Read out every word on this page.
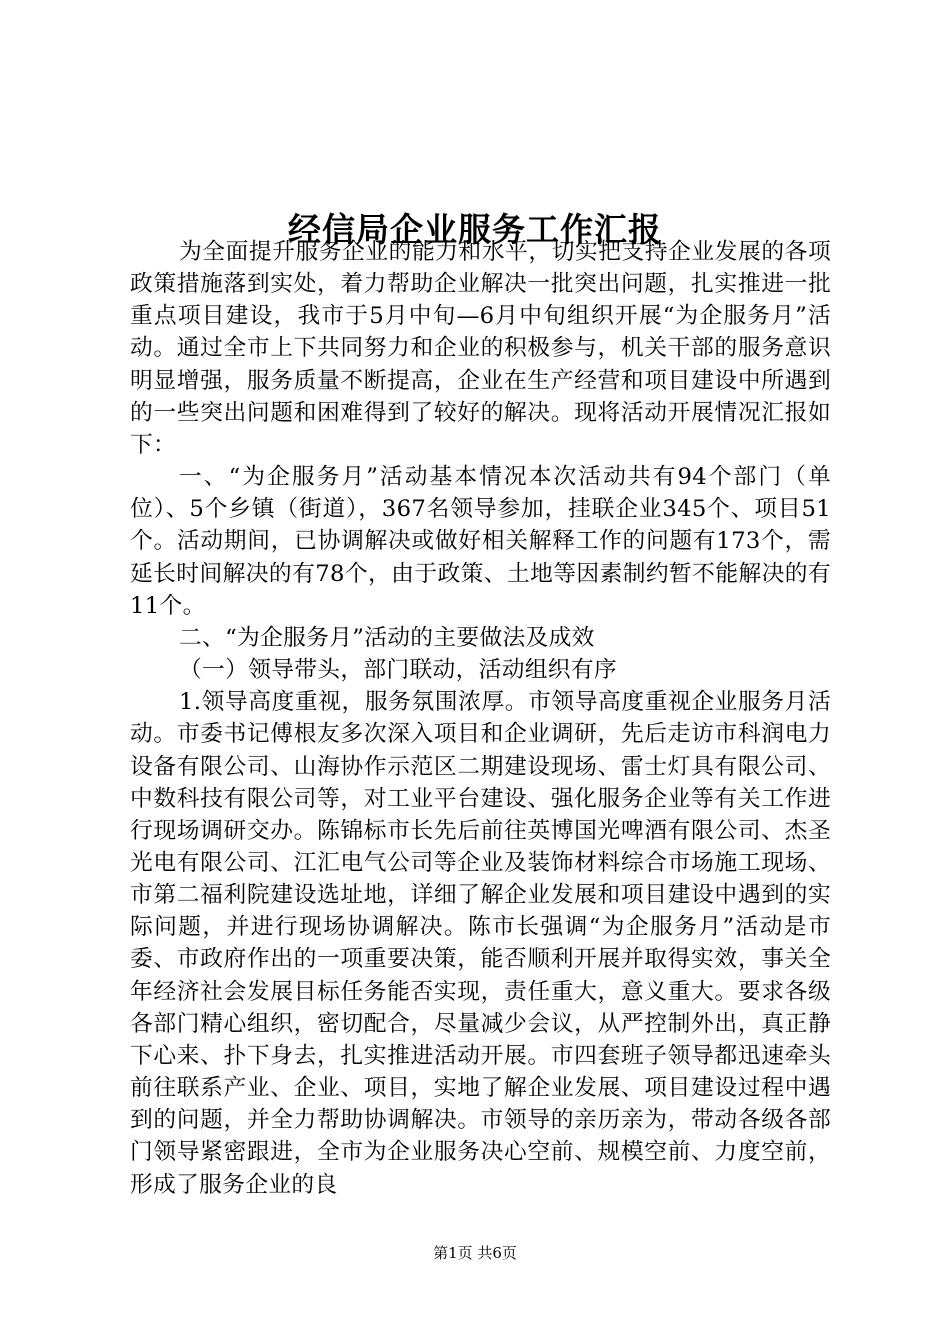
经信局企业服务工作汇报

为全面提升服务企业的能力和水平，切实把支持企业发展的各项政策措施落到实处，着力帮助企业解决一批突出问题，扎实推进一批重点项目建设，我市于5月中旬—6月中旬组织开展“为企服务月”活动。通过全市上下共同努力和企业的积极参与，机关干部的服务意识明显增强，服务质量不断提高，企业在生产经营和项目建设中所遇到的一些突出问题和困难得到了较好的解决。现将活动开展情况汇报如下：

一、“为企服务月”活动基本情况本次活动共有94个部门（单位）、5个乡镇（街道），367名领导参加，挂联企业345个、项目51个。活动期间，已协调解决或做好相关解释工作的问题有173个，需延长时间解决的有78个，由于政策、土地等因素制约暂不能解决的有11个。

二、“为企服务月”活动的主要做法及成效

（一）领导带头，部门联动，活动组织有序

1.领导高度重视，服务氛围浓厚。市领导高度重视企业服务月活动。市委书记傅根友多次深入项目和企业调研，先后走访市科润电力设备有限公司、山海协作示范区二期建设现场、雷士灯具有限公司、中数科技有限公司等，对工业平台建设、强化服务企业等有关工作进行现场调研交办。陈锦标市长先后前往英博国光啤酒有限公司、杰圣光电有限公司、江汇电气公司等企业及装饰材料综合市场施工现场、市第二福利院建设选址地，详细了解企业发展和项目建设中遇到的实际问题，并进行现场协调解决。陈市长强调“为企服务月”活动是市委、市政府作出的一项重要决策，能否顺利开展并取得实效，事关全年经济社会发展目标任务能否实现，责任重大，意义重大。要求各级各部门精心组织，密切配合，尽量减少会议，从严控制外出，真正静下心来、扑下身去，扎实推进活动开展。市四套班子领导都迅速牵头前往联系产业、企业、项目，实地了解企业发展、项目建设过程中遇到的问题，并全力帮助协调解决。市领导的亲历亲为，带动各级各部门领导紧密跟进，全市为企业服务决心空前、规模空前、力度空前，形成了服务企业的良

第1页 共6页
